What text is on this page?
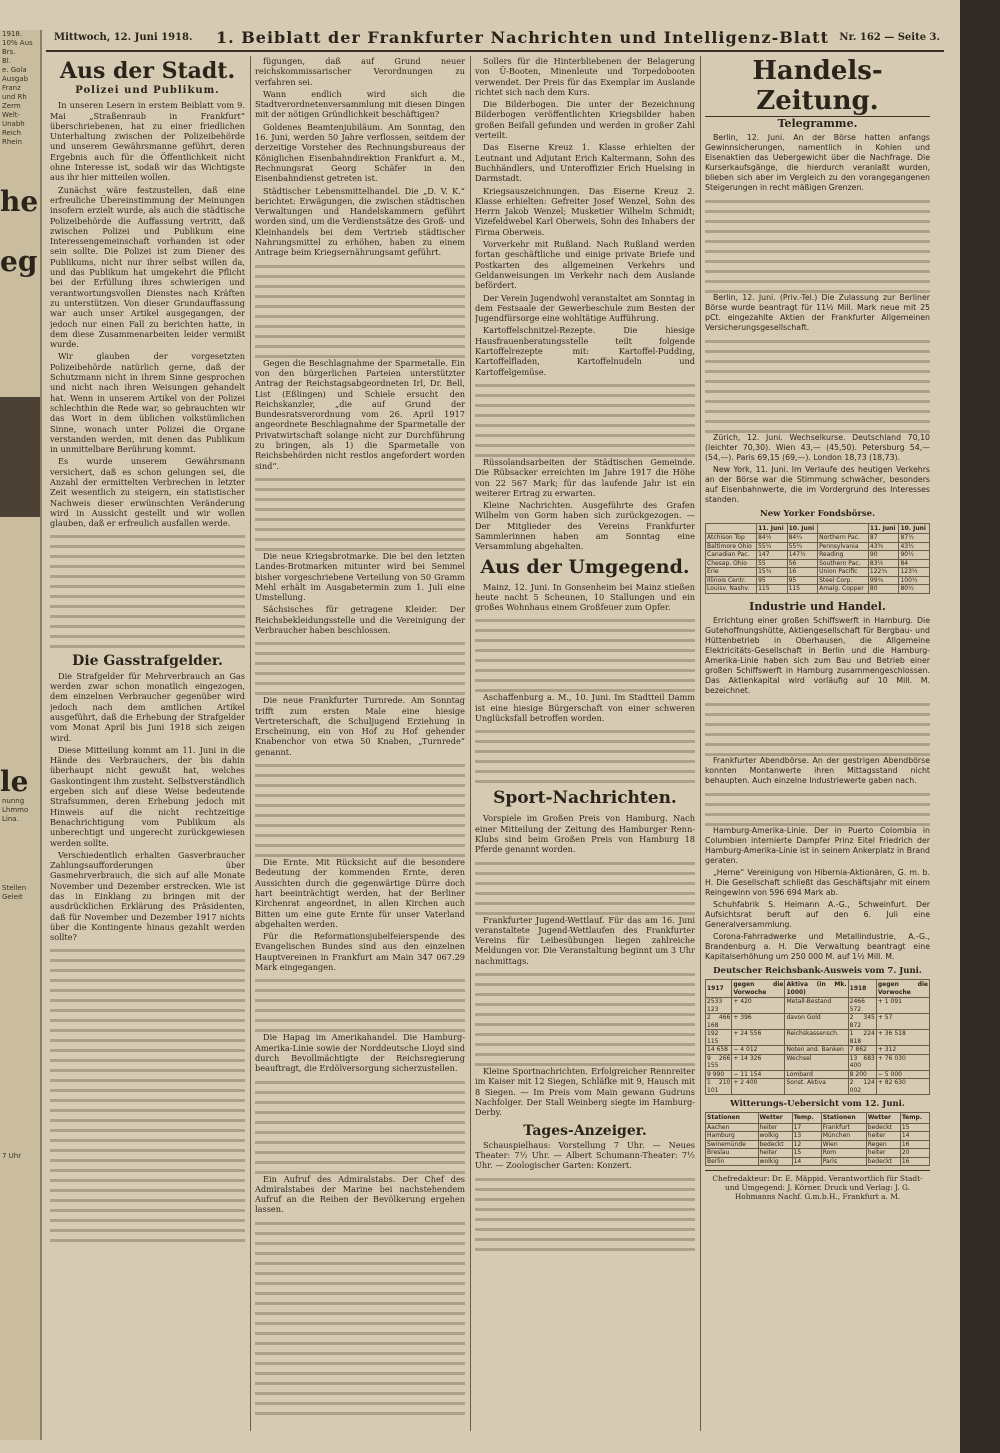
1918.
10% Aus
Brs.
Bl.
e. Gola
Ausgab
Franz
und Rh
Zerm
Welt-
Unabh
Reich
Rhein
he
eg
le
nunng
Lhmmo
Lina.
Stellen
Geleit
7 Uhr
Mittwoch, 12. Juni 1918. 1. Beiblatt der Frankfurter Nachrichten und Intelligenz-Blatt Nr. 162 — Seite 3.
Aus der Stadt.
Polizei und Publikum.

In unseren Lesern in erstem Beiblatt vom 9. Mai „Straßenraub in Frankfurt“ überschriebenen, hat zu einer friedlichen Unterhaltung zwischen der Polizeibehörde und unserem Gewährsmanne geführt, deren Ergebnis auch für die Öffentlichkeit nicht ohne Interesse ist, sodaß wir das Wichtigste aus ihr hier mitteilen wollen.

Zunächst wäre festzustellen, daß eine erfreuliche Übereinstimmung der Meinungen insofern erzielt wurde, als auch die städtische Polizeibehörde die Auffassung vertritt, daß zwischen Polizei und Publikum eine Interessengemeinschaft vorhanden ist oder sein sollte. Die Polizei ist zum Diener des Publikums, nicht nur ihrer selbst willen da, und das Publikum hat umgekehrt die Pflicht bei der Erfüllung ihres schwierigen und verantwortungsvollen Dienstes nach Kräften zu unterstützen. Von dieser Grundauffassung war auch unser Artikel ausgegangen, der jedoch nur einen Fall zu berichten hatte, in dem diese Zusammenarbeiten leider vermißt wurde.

Wir glauben der vorgesetzten Polizeibehörde natürlich gerne, daß der Schutzmann nicht in ihrem Sinne gesprochen und nicht nach ihren Weisungen gehandelt hat. Wenn in unserem Artikel von der Polizei schlechthin die Rede war, so gebrauchten wir das Wort in dem üblichen volkstümlichen Sinne, wonach unter Polizei die Organe verstanden werden, mit denen das Publikum in unmittelbare Berührung kommt.

Es wurde unserem Gewährsmann versichert, daß es schon gelungen sei, die Anzahl der ermittelten Verbrechen in letzter Zeit wesentlich zu steigern, ein statistischer Nachweis dieser erwünschten Veränderung wird in Aussicht gestellt und wir wollen glauben, daß er erfreulich ausfallen werde.

Die Gasstrafgelder.

Die Strafgelder für Mehrverbrauch an Gas werden zwar schon monatlich eingezogen, dem einzelnen Verbraucher gegenüber wird jedoch nach dem amtlichen Artikel ausgeführt, daß die Erhebung der Strafgelder vom Monat April bis Juni 1918 sich zeigen wird.

Diese Mitteilung kommt am 11. Juni in die Hände des Verbrauchers, der bis dahin überhaupt nicht gewußt hat, welches Gaskontingent ihm zusteht. Selbstverständlich ergeben sich auf diese Weise bedeutende Strafsummen, deren Erhebung jedoch mit Hinweis auf die nicht rechtzeitige Benachrichtigung vom Publikum als unberechtigt und ungerecht zurückgewiesen werden sollte.

Verschiedentlich erhalten Gasverbraucher Zahlungsaufforderungen über Gasmehrverbrauch, die sich auf alle Monate November und Dezember erstrecken. Wie ist das in Einklang zu bringen mit der ausdrücklichen Erklärung des Präsidenten, daß für November und Dezember 1917 nichts über die Kontingente hinaus gezahlt werden sollte?

fügungen, daß auf Grund neuer reichskommissarischer Verordnungen zu verfahren sei.

Wann endlich wird sich die Stadtverordnetenversammlung mit diesen Dingen mit der nötigen Gründlichkeit beschäftigen?

Goldenes Beamtenjubiläum. Am Sonntag, den 16. Juni, werden 50 Jahre verflossen, seitdem der derzeitige Vorsteher des Rechnungsbureaus der Königlichen Eisenbahndirektion Frankfurt a. M., Rechnungsrat Georg Schäfer in den Eisenbahndienst getreten ist.

Städtischer Lebensmittelhandel. Die „D. V. K.“ berichtet: Erwägungen, die zwischen städtischen Verwaltungen und Handelskammern geführt worden sind, um die Verdienstsätze des Groß- und Kleinhandels bei dem Vertrieb städtischer Nahrungsmittel zu erhöhen, haben zu einem Antrage beim Kriegsernährungsamt geführt.

Gegen die Beschlagnahme der Sparmetalle. Ein von den bürgerlichen Parteien unterstützter Antrag der Reichstagsabgeordneten Irl, Dr. Bell, List (Eßlingen) und Schiele ersucht den Reichskanzler, „die auf Grund der Bundesratsverordnung vom 26. April 1917 angeordnete Beschlagnahme der Sparmetalle der Privatwirtschaft solange nicht zur Durchführung zu bringen, als 1) die Sparmetalle von Reichsbehörden nicht restlos angefordert worden sind“.

Die neue Kriegsbrotmarke. Die bei den letzten Landes-Brotmarken mitunter wird bei Semmel bisher vorgeschriebene Verteilung von 50 Gramm Mehl erhält im Ausgabetermin zum 1. Juli eine Umstellung.

Sächsisches für getragene Kleider. Der Reichsbekleidungsstelle und die Vereinigung der Verbraucher haben beschlossen.

Die neue Frankfurter Turnrede. Am Sonntag trifft zum ersten Male eine hiesige Vertreterschaft, die Schuljugend Erziehung in Erscheinung, ein von Hof zu Hof gehender Knabenchor von etwa 50 Knaben, „Turnrede“ genannt.

Die Ernte. Mit Rücksicht auf die besondere Bedeutung der kommenden Ernte, deren Aussichten durch die gegenwärtige Dürre doch hart beeinträchtigt werden, hat der Berliner Kirchenrat angeordnet, in allen Kirchen auch Bitten um eine gute Ernte für unser Vaterland abgehalten werden.

Für die Reformationsjubelfeierspende des Evangelischen Bundes sind aus den einzelnen Hauptvereinen in Frankfurt am Main 347 067.29 Mark eingegangen.

Die Hapag im Amerikahandel. Die Hamburg-Amerika-Linie sowie der Norddeutsche Lloyd sind durch Bevollmächtigte der Reichsregierung beauftragt, die Erdölversorgung sicherzustellen.

Ein Aufruf des Admiralstabs. Der Chef des Admiralstabes der Marine bei nachstehendem Aufruf an die Reihen der Bevölkerung ergehen lassen.

Sollers für die Hinterbliebenen der Belagerung von Ü-Booten, Minenleute und Torpedobooten verwendet. Der Preis für das Exemplar im Auslande richtet sich nach dem Kurs.

Die Bilderbogen. Die unter der Bezeichnung Bilderbogen veröffentlichten Kriegsbilder haben großen Beifall gefunden und werden in großer Zahl verteilt.

Das Eiserne Kreuz 1. Klasse erhielten der Leutnant und Adjutant Erich Kaltermann, Sohn des Buchhändlers, und Unteroffizier Erich Huelsing in Darmstadt.

Kriegsauszeichnungen. Das Eiserne Kreuz 2. Klasse erhielten: Gefreiter Josef Wenzel, Sohn des Herrn Jakob Wenzel; Musketier Wilhelm Schmidt; Vizefeldwebel Karl Oberweis, Sohn des Inhabers der Firma Oberweis.

Vorverkehr mit Rußland. Nach Rußland werden fortan geschäftliche und einige private Briefe und Postkarten des allgemeinen Verkehrs und Geldanweisungen im Verkehr nach dem Auslande befördert.

Der Verein Jugendwohl veranstaltet am Sonntag in dem Festsaale der Gewerbeschule zum Besten der Jugendfürsorge eine wohltätige Aufführung.

Kartoffelschnitzel-Rezepte. Die hiesige Hausfrauenberatungsstelle teilt folgende Kartoffelrezepte mit: Kartoffel-Pudding, Kartoffelfladen, Kartoffelnudeln und Kartoffelgemüse.

Rüssolandsarbeiten der Städtischen Gemeinde. Die Rübsacker erreichten im Jahre 1917 die Höhe von 22 567 Mark; für das laufende Jahr ist ein weiterer Ertrag zu erwarten.

Kleine Nachrichten. Ausgeführte des Grafen Wilhelm von Gorm haben sich zurückgezogen. — Der Mitglieder des Vereins Frankfurter Sammlerinnen haben am Sonntag eine Versammlung abgehalten.

Aus der Umgegend.

Mainz, 12. Juni. In Gonsenheim bei Mainz stießen heute nacht 5 Scheunen, 10 Stallungen und ein großes Wohnhaus einem Großfeuer zum Opfer.

Aschaffenburg a. M., 10. Juni. Im Stadtteil Damm ist eine hiesige Bürgerschaft von einer schweren Unglücksfall betroffen worden.

Sport-Nachrichten.

Vorspiele im Großen Preis von Hamburg. Nach einer Mitteilung der Zeitung des Hamburger Renn-Klubs sind beim Großen Preis von Hamburg 18 Pferde genannt worden.

Frankfurter Jugend-Wettlauf. Für das am 16. Juni veranstaltete Jugend-Wettlaufen des Frankfurter Vereins für Leibesübungen liegen zahlreiche Meldungen vor. Die Veranstaltung beginnt um 3 Uhr nachmittags.

Kleine Sportnachrichten. Erfolgreicher Rennreiter im Kaiser mit 12 Siegen, Schläfke mit 9, Hausch mit 8 Siegen. — Im Preis vom Main gewann Gudruns Nachfolger. Der Stall Weinberg siegte im Hamburg-Derby.

Tages-Anzeiger.

Schauspielhaus: Vorstellung 7 Uhr. — Neues Theater: 7½ Uhr. — Albert Schumann-Theater: 7½ Uhr. — Zoologischer Garten: Konzert.

Handels-Zeitung.
Telegramme.

Berlin, 12. Juni. An der Börse hatten anfangs Gewinnsicherungen, namentlich in Kohlen und Eisenaktien das Uebergewicht über die Nachfrage. Die Kurserkaufsgänge, die hierdurch veranlaßt wurden, blieben sich aber im Vergleich zu den vorangegangenen Steigerungen in recht mäßigen Grenzen.

Berlin, 12. Juni. (Priv.-Tel.) Die Zulassung zur Berliner Börse wurde beantragt für 11½ Mill. Mark neue mit 25 pCt. eingezahlte Aktien der Frankfurter Allgemeinen Versicherungsgesellschaft.

Zürich, 12. Juni. Wechselkurse. Deutschland 70,10 (leichter 70,30). Wien 43,— (45,50). Petersburg 54,— (54,—). Paris 69,15 (69,—). London 18,73 (18,73).

New York, 11. Juni. Im Verlaufe des heutigen Verkehrs an der Börse war die Stimmung schwächer, besonders auf Eisenbahnwerte, die im Vordergrund des Interesses standen.

New Yorker Fondsbörse.
	11. Juni	10. Juni		11. Juni	10. Juni
Atchison Top	84½	84¼	Northern Pac.	87	87½
Baltimore Ohio	55¼	55¾	Pennsylvania	43¾	43½
Canadian Pac.	147	147½	Reading	90	90½
Chesap. Ohio	55	56	Southern Pac.	83½	84
Erie	15¾	16	Union Pacific	122¾	123½
Illinois Centr.	95	95	Steel Corp.	99¾	100½
Louisv. Nashv.	115	115	Amalg. Copper	80	80½
Industrie und Handel.

Errichtung einer großen Schiffswerft in Hamburg. Die Gutehoffnungshütte, Aktiengesellschaft für Bergbau- und Hüttenbetrieb in Oberhausen, die Allgemeine Elektricitäts-Gesellschaft in Berlin und die Hamburg-Amerika-Linie haben sich zum Bau und Betrieb einer großen Schiffswerft in Hamburg zusammengeschlossen. Das Aktienkapital wird vorläufig auf 10 Mill. M. bezeichnet.

Frankfurter Abendbörse. An der gestrigen Abendbörse konnten Montanwerte ihren Mittagsstand nicht behaupten. Auch einzelne Industriewerte gaben nach.

Hamburg-Amerika-Linie. Der in Puerto Colombia in Columbien internierte Dampfer Prinz Eitel Friedrich der Hamburg-Amerika-Linie ist in seinem Ankerplatz in Brand geraten.

„Herne“ Vereinigung von Hibernia-Aktionären, G. m. b. H. Die Gesellschaft schließt das Geschäftsjahr mit einem Reingewinn von 596 694 Mark ab.

Schuhfabrik S. Heimann A.-G., Schweinfurt. Der Aufsichtsrat beruft auf den 6. Juli eine Generalversammlung.

Corona-Fahrradwerke und Metallindustrie, A.-G., Brandenburg a. H. Die Verwaltung beantragt eine Kapitalserhöhung um 250 000 M. auf 1½ Mill. M.

Deutscher Reichsbank-Ausweis vom 7. Juni.
1917	gegen die Vorwoche	Aktiva (in Mk. 1000)	1918	gegen die Vorwoche
2533 123	+ 420	Metall-Bestand	2466 572	+ 1 091
2 466 168	+ 396	davon Gold	2 345 872	+ 57
192 115	+ 24 556	Reichskassensch.	1 224 818	+ 36 518
14 658	− 4 012	Noten and. Banken	7 862	+ 312
9 266 155	+ 14 326	Wechsel	13 683 400	+ 76 030
9 990	− 11 154	Lombard	8 200	− 5 000
1 210 101	+ 2 400	Sonst. Aktiva	2 124 002	+ 82 630
Witterungs-Uebersicht vom 12. Juni.
Stationen	Wetter	Temp.	Stationen	Wetter	Temp.
Aachen	heiter	17	Frankfurt	bedeckt	15
Hamburg	wolkig	13	München	heiter	14
Swinemünde	bedeckt	12	Wien	Regen	16
Breslau	heiter	15	Rom	heiter	20
Berlin	wolkig	14	Paris	bedeckt	16
Chefredakteur: Dr. E. Mäppid. Verantwortlich für Stadt- und Umgegend: J. Körner. Druck und Verlag: J. G. Hohmanns Nachf. G.m.b.H., Frankfurt a. M.
